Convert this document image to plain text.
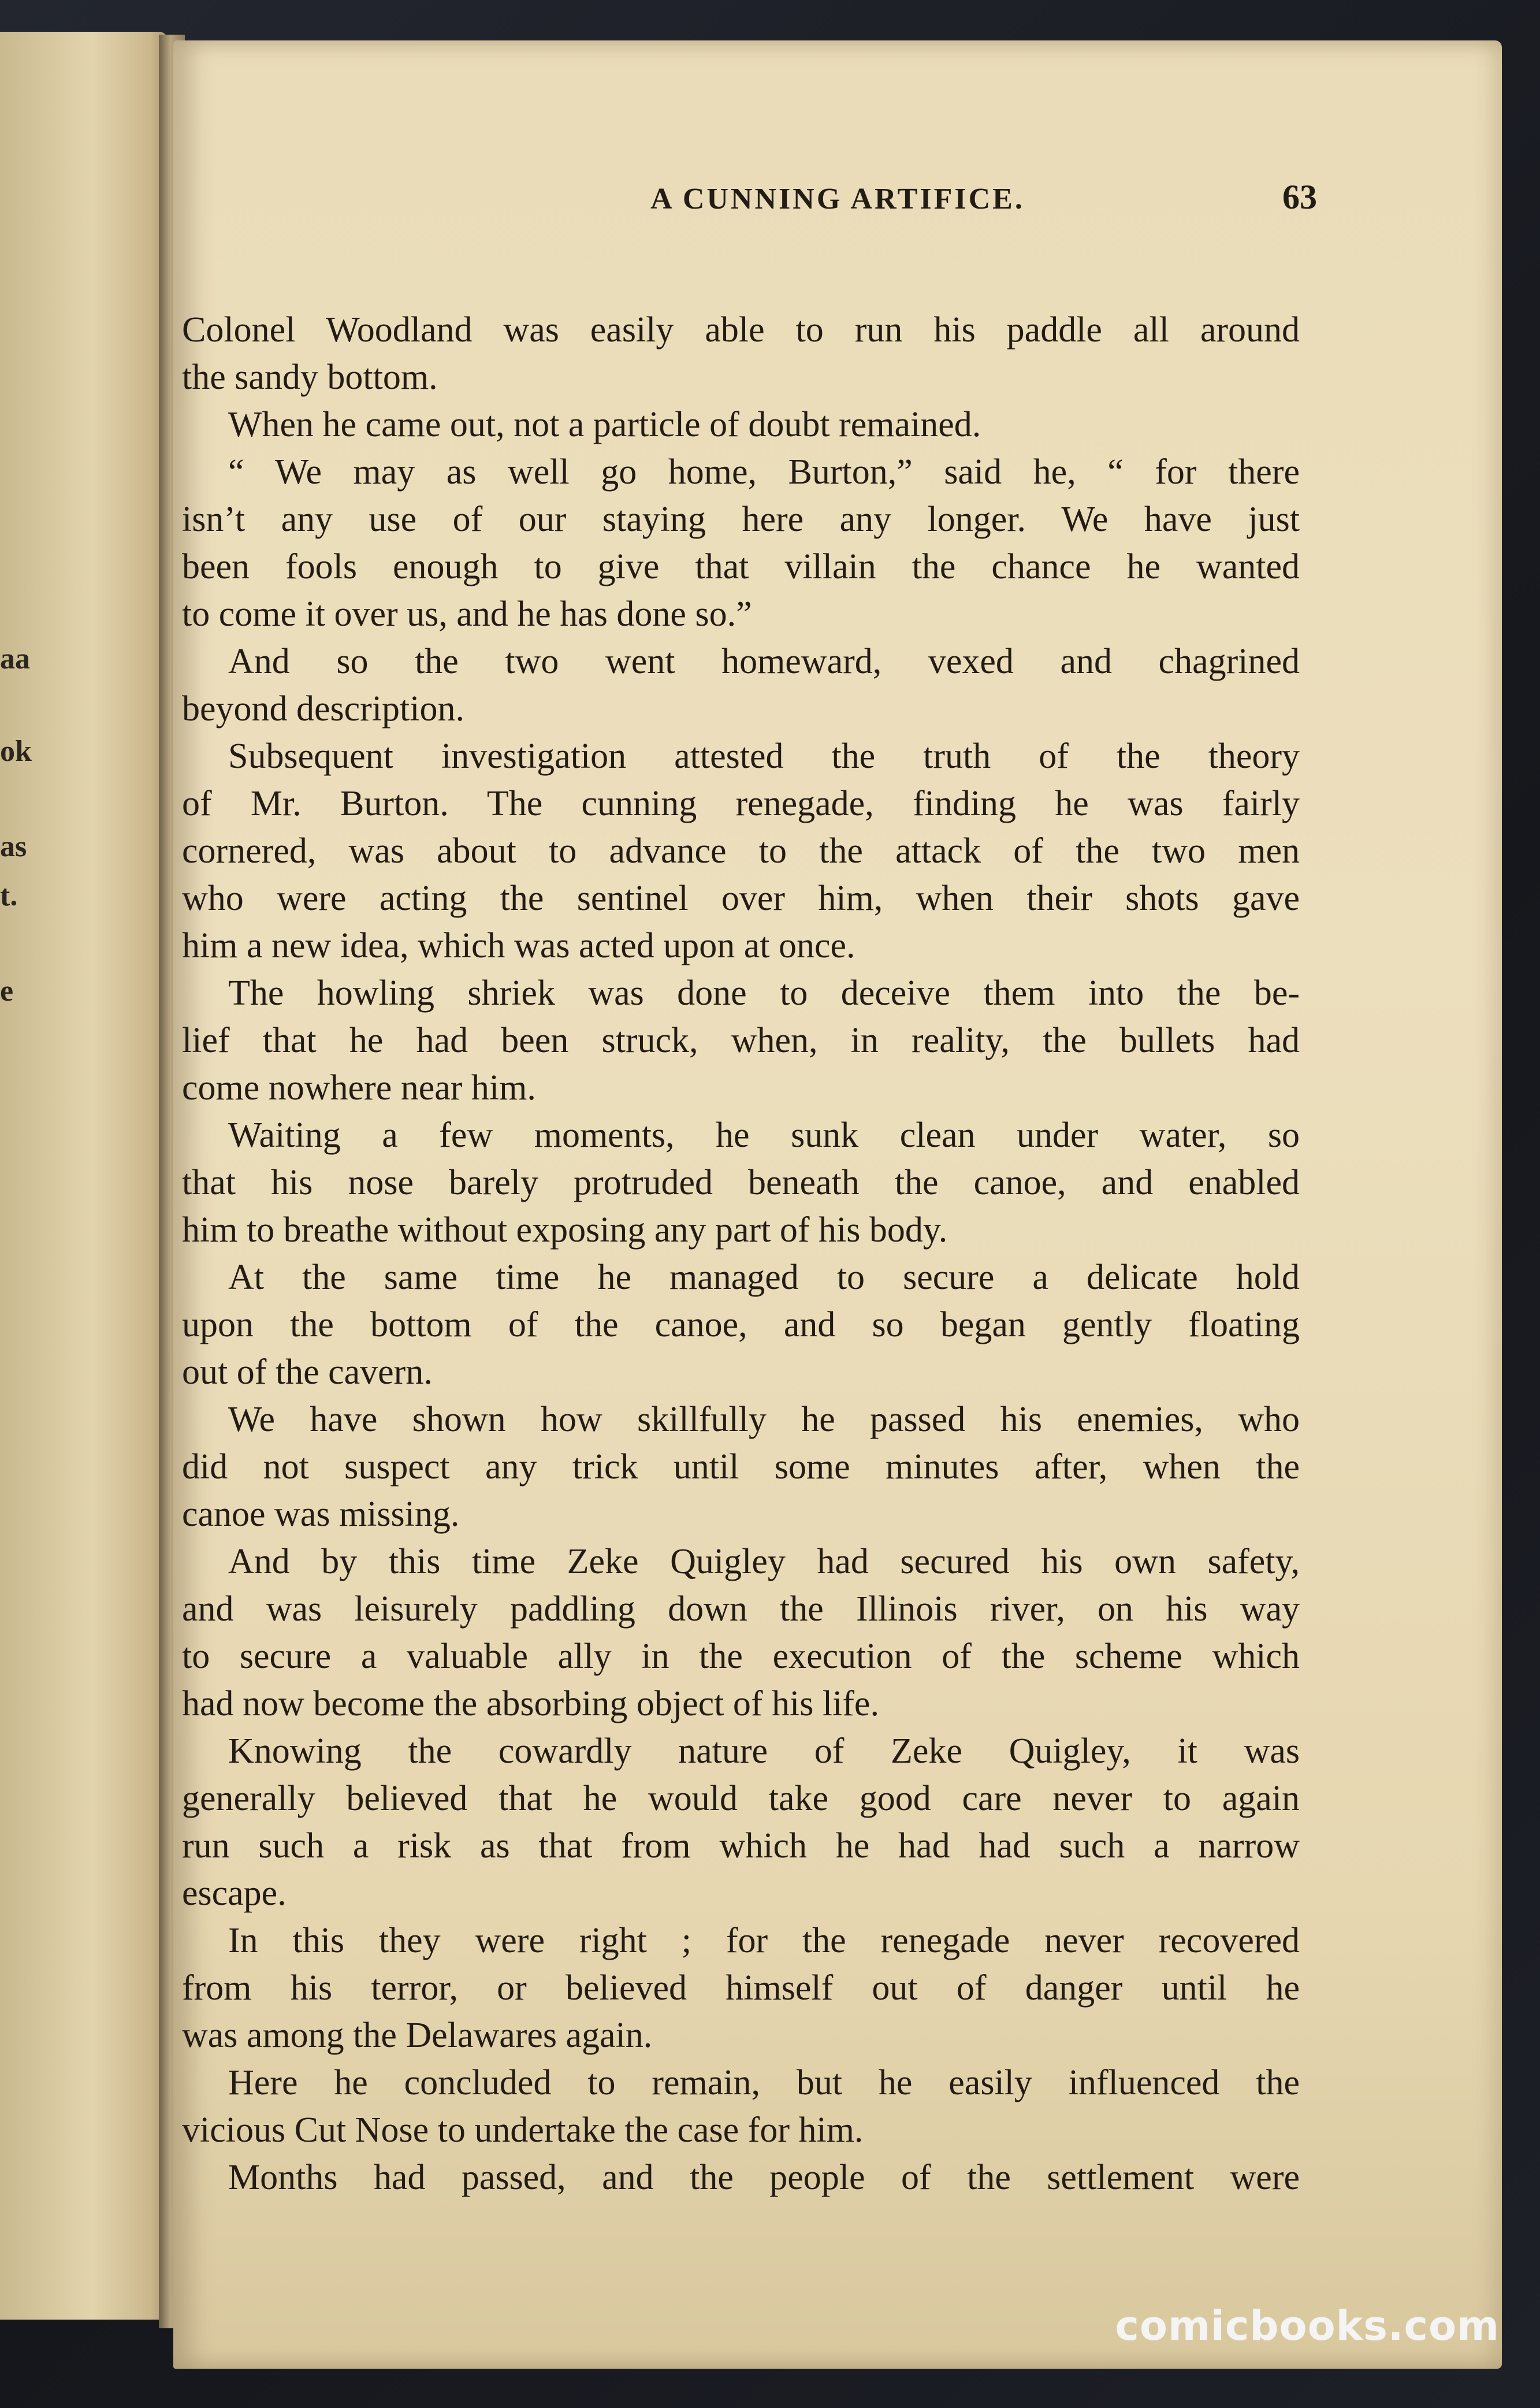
aa
ok
as
t.
e
A CUNNING ARTIFICE.	63
Colonel Woodland was easily able to run his paddle all around
the sandy bottom.
When he came out, not a particle of doubt remained.
“ We may as well go home, Burton,” said he, “ for there
isn’t any use of our staying here any longer. We have just
been fools enough to give that villain the chance he wanted
to come it over us, and he has done so.”
And so the two went homeward, vexed and chagrined
beyond description.
Subsequent investigation attested the truth of the theory
of Mr. Burton. The cunning renegade, finding he was fairly
cornered, was about to advance to the attack of the two men
who were acting the sentinel over him, when their shots gave
him a new idea, which was acted upon at once.
The howling shriek was done to deceive them into the be-
lief that he had been struck, when, in reality, the bullets had
come nowhere near him.
Waiting a few moments, he sunk clean under water, so
that his nose barely protruded beneath the canoe, and enabled
him to breathe without exposing any part of his body.
At the same time he managed to secure a delicate hold
upon the bottom of the canoe, and so began gently floating
out of the cavern.
We have shown how skillfully he passed his enemies, who
did not suspect any trick until some minutes after, when the
canoe was missing.
And by this time Zeke Quigley had secured his own safety,
and was leisurely paddling down the Illinois river, on his way
to secure a valuable ally in the execution of the scheme which
had now become the absorbing object of his life.
Knowing the cowardly nature of Zeke Quigley, it was
generally believed that he would take good care never to again
run such a risk as that from which he had had such a narrow
escape.
In this they were right ; for the renegade never recovered
from his terror, or believed himself out of danger until he
was among the Delawares again.
Here he concluded to remain, but he easily influenced the
vicious Cut Nose to undertake the case for him.
Months had passed, and the people of the settlement were
comicbooks.com
